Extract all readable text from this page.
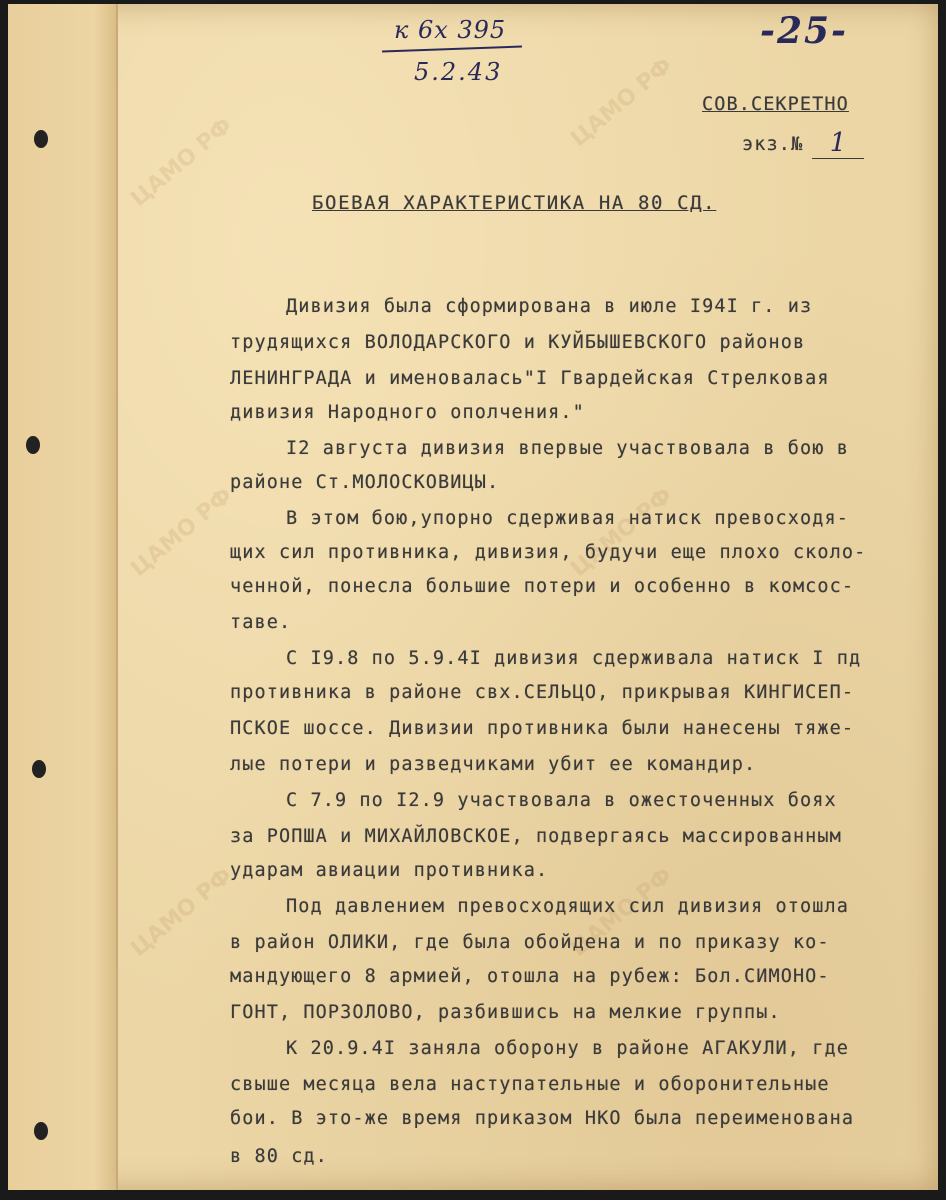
ЦАМО РФ
ЦАМО РФ
ЦАМО РФ	ЦАМО РФ
ЦАМО РФ	ЦАМО РФ
к 6х 395
5.2.43
-25-
СОВ.СЕКРЕТНО
экз.№	1
БОЕВАЯ ХАРАКТЕРИСТИКА НА 80 СД.
Дивизия была сформирована в июле I94I г. из
трудящихся ВОЛОДАРСКОГО и КУЙБЫШЕВСКОГО районов
ЛЕНИНГРАДА и именовалась"I Гвардейская Стрелковая
дивизия Народного ополчения."
I2 августа дивизия впервые участвовала в бою в
районе Ст.МОЛОСКОВИЦЫ.
В этом бою,упорно сдерживая натиск превосходя-
щих сил противника, дивизия, будучи еще плохо сколо-
ченной, понесла большие потери и особенно в комсос-
таве.
С I9.8 по 5.9.4I дивизия сдерживала натиск I пд
противника в районе свх.СЕЛЬЦО, прикрывая КИНГИСЕП-
ПСКОЕ шоссе. Дивизии противника были нанесены тяже-
лые потери и разведчиками убит ее командир.
С 7.9 по I2.9 участвовала в ожесточенных боях
за РОПША и МИХАЙЛОВСКОЕ, подвергаясь массированным
ударам авиации противника.
Под давлением превосходящих сил дивизия отошла
в район ОЛИКИ, где была обойдена и по приказу ко-
мандующего 8 армией, отошла на рубеж: Бол.СИМОНО-
ГОНТ, ПОРЗОЛОВО, разбившись на мелкие группы.
К 20.9.4I заняла оборону в районе АГАКУЛИ, где
свыше месяца вела наступательные и оборонительные
бои. В это-же время приказом НКО была переименована
в 80 сд.
